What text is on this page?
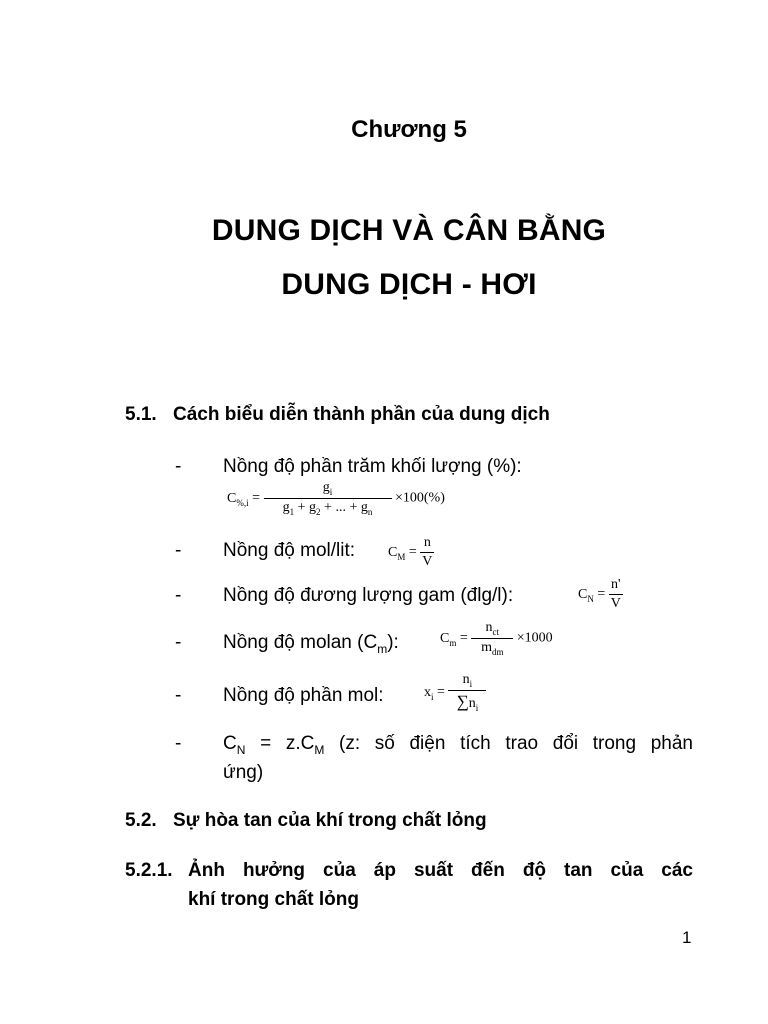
Chương 5
DUNG DỊCH VÀ CÂN BẰNG
DUNG DỊCH - HƠI
5.1. Cách biểu diễn thành phần của dung dịch
- Nồng độ phần trăm khối lượng (%):
$C_{\%,i} = \frac{g_i}{g_1 + g_2 + ... + g_n} \times 100(\%)$
- Nồng độ mol/lit: $C_M = \frac{n}{V}$
- Nồng độ đương lượng gam (đlg/l):	$C_N = \frac{n'}{V}$
- Nồng độ molan $(C_m)$:	$C_m = \frac{n_{ct}}{m_{dm}} \times 1000$
- Nồng độ phần mol:	$x_i = \frac{n_i}{\sum n_i}$
- $C_N = z.C_M$ (z: số điện tích trao đổi trong phản
ứng)
5.2. Sự hòa tan của khí trong chất lỏng
5.2.1. Ảnh hưởng của áp suất đến độ tan của các
khí trong chất lỏng
1
